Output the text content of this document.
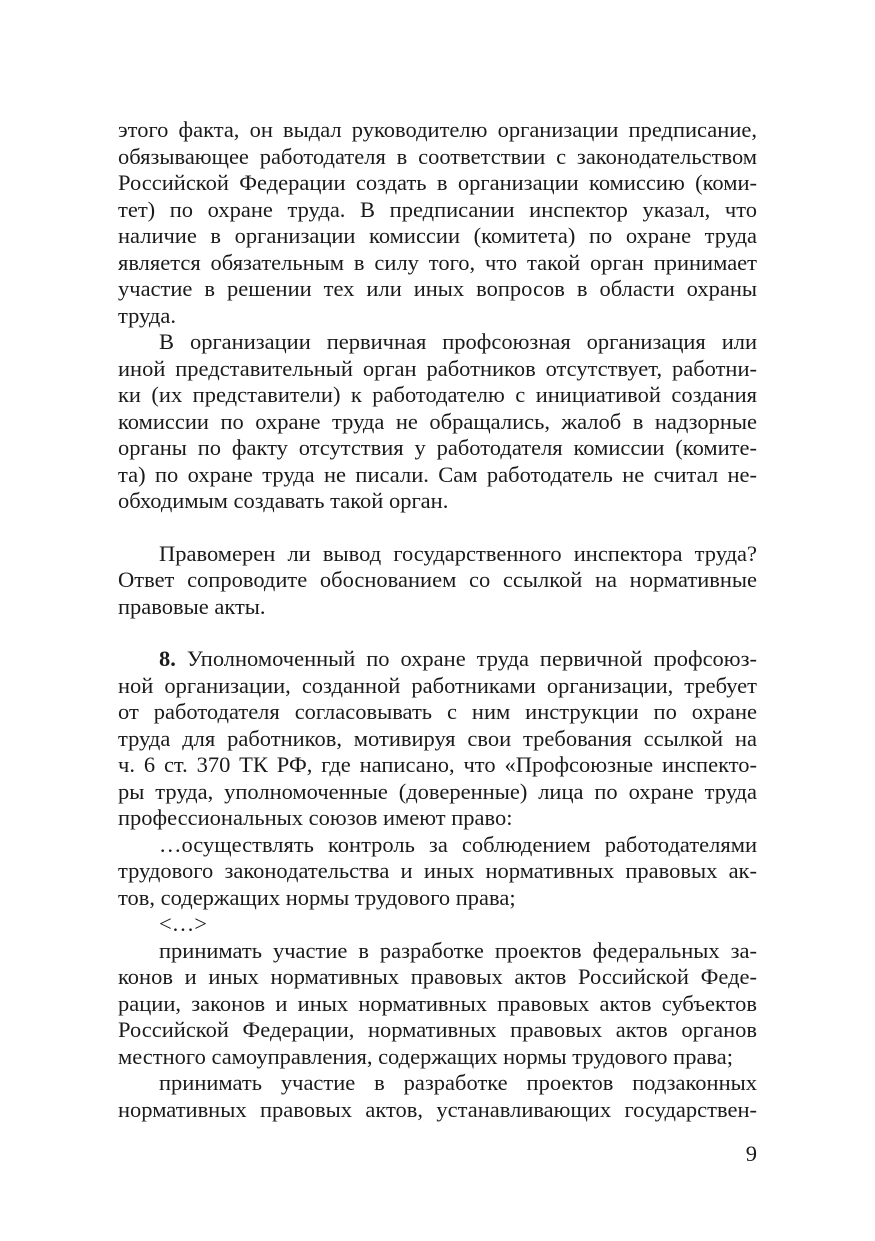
этого факта, он выдал руководителю организации предписание,
обязывающее работодателя в соответствии с законодательством
Российской Федерации создать в организации комиссию (коми-
тет) по охране труда. В предписании инспектор указал, что
наличие в организации комиссии (комитета) по охране труда
является обязательным в силу того, что такой орган принимает
участие в решении тех или иных вопросов в области охраны
труда.
В организации первичная профсоюзная организация или
иной представительный орган работников отсутствует, работни-
ки (их представители) к работодателю с инициативой создания
комиссии по охране труда не обращались, жалоб в надзорные
органы по факту отсутствия у работодателя комиссии (комите-
та) по охране труда не писали. Сам работодатель не считал не-
обходимым создавать такой орган.
Правомерен ли вывод государственного инспектора труда?
Ответ сопроводите обоснованием со ссылкой на нормативные
правовые акты.
8. Уполномоченный по охране труда первичной профсоюз-
ной организации, созданной работниками организации, требует
от работодателя согласовывать с ним инструкции по охране
труда для работников, мотивируя свои требования ссылкой на
ч. 6 ст. 370 ТК РФ, где написано, что «Профсоюзные инспекто-
ры труда, уполномоченные (доверенные) лица по охране труда
профессиональных союзов имеют право:
…осуществлять контроль за соблюдением работодателями
трудового законодательства и иных нормативных правовых ак-
тов, содержащих нормы трудового права;
<…>
принимать участие в разработке проектов федеральных за-
конов и иных нормативных правовых актов Российской Феде-
рации, законов и иных нормативных правовых актов субъектов
Российской Федерации, нормативных правовых актов органов
местного самоуправления, содержащих нормы трудового права;
принимать участие в разработке проектов подзаконных
нормативных правовых актов, устанавливающих государствен-
9
